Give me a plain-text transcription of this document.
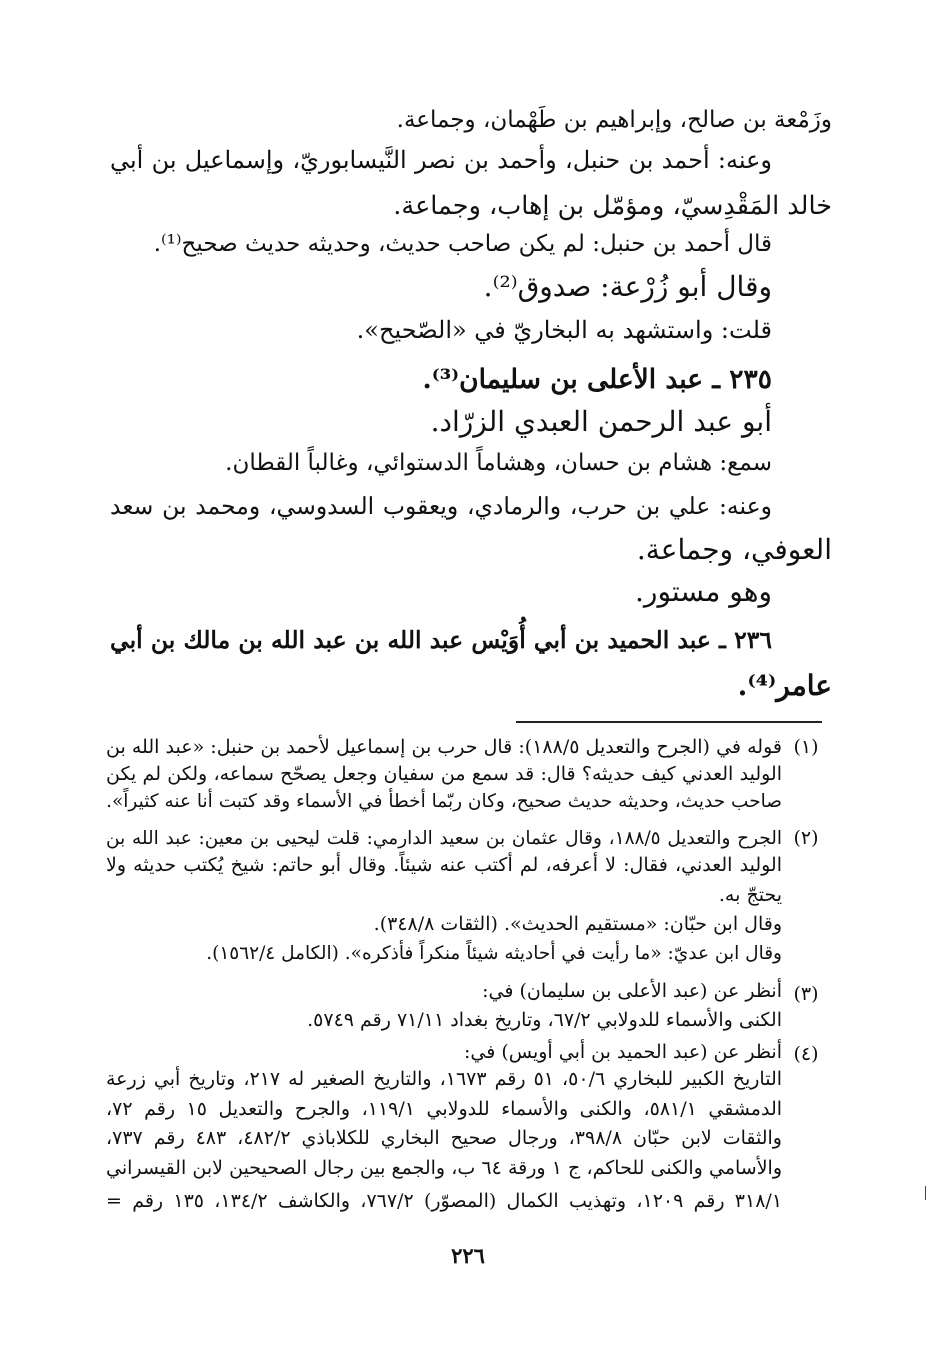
وزَمْعة بن صالح، وإبراهيم بن طَهْمان، وجماعة.

وعنه: أحمد بن حنبل، وأحمد بن نصر النَّيسابوريّ، وإسماعيل بن أبي

خالد المَقْدِسيّ، ومؤمّل بن إهاب، وجماعة.

قال أحمد بن حنبل: لم يكن صاحب حديث، وحديثه حديث صحيح⁽¹⁾.

وقال أبو زُرْعة: صدوق⁽²⁾.

قلت: واستشهد به البخاريّ في «الصّحيح».

٢٣٥ ـ عبد الأعلى بن سليمان⁽³⁾.

أبو عبد الرحمن العبدي الزرّاد.

سمع: هشام بن حسان، وهشاماً الدستوائي، وغالباً القطان.

وعنه: علي بن حرب، والرمادي، ويعقوب السدوسي، ومحمد بن سعد

العوفي، وجماعة.

وهو مستور.

٢٣٦ ـ عبد الحميد بن أبي أُوَيْس عبد الله بن عبد الله بن مالك بن أبي

عامر⁽⁴⁾.

(١)

قوله في (الجرح والتعديل ١٨٨/٥): قال حرب بن إسماعيل لأحمد بن حنبل: «عبد الله بن

الوليد العدني كيف حديثه؟ قال: قد سمع من سفيان وجعل يصحّح سماعه، ولكن لم يكن

صاحب حديث، وحديثه حديث صحيح، وكان ربّما أخطأ في الأسماء وقد كتبت أنا عنه كثيراً».

(٢)

الجرح والتعديل ١٨٨/٥، وقال عثمان بن سعيد الدارمي: قلت ليحيى بن معين: عبد الله بن

الوليد العدني، فقال: لا أعرفه، لم أكتب عنه شيئاً. وقال أبو حاتم: شيخ يُكتب حديثه ولا

يحتجّ به.

وقال ابن حبّان: «مستقيم الحديث». (الثقات ٣٤٨/٨).

وقال ابن عديّ: «ما رأيت في أحاديثه شيئاً منكراً فأذكره». (الكامل ١٥٦٢/٤).

(٣)

أنظر عن (عبد الأعلى بن سليمان) في:

الكنى والأسماء للدولابي ٦٧/٢، وتاريخ بغداد ٧١/١١ رقم ٥٧٤٩.

(٤)

أنظر عن (عبد الحميد بن أبي أويس) في:

التاريخ الكبير للبخاري ٥٠/٦، ٥١ رقم ١٦٧٣، والتاريخ الصغير له ٢١٧، وتاريخ أبي زرعة

الدمشقي ٥٨١/١، والكنى والأسماء للدولابي ١١٩/١، والجرح والتعديل ١٥ رقم ٧٢،

والثقات لابن حبّان ٣٩٨/٨، ورجال صحيح البخاري للكلاباذي ٤٨٢/٢، ٤٨٣ رقم ٧٣٧،

والأسامي والكنى للحاكم، ج ١ ورقة ٦٤ ب، والجمع بين رجال الصحيحين لابن القيسراني

٣١٨/١ رقم ١٢٠٩، وتهذيب الكمال (المصوّر) ٧٦٧/٢، والكاشف ١٣٤/٢، ١٣٥ رقم =

٢٢٦
